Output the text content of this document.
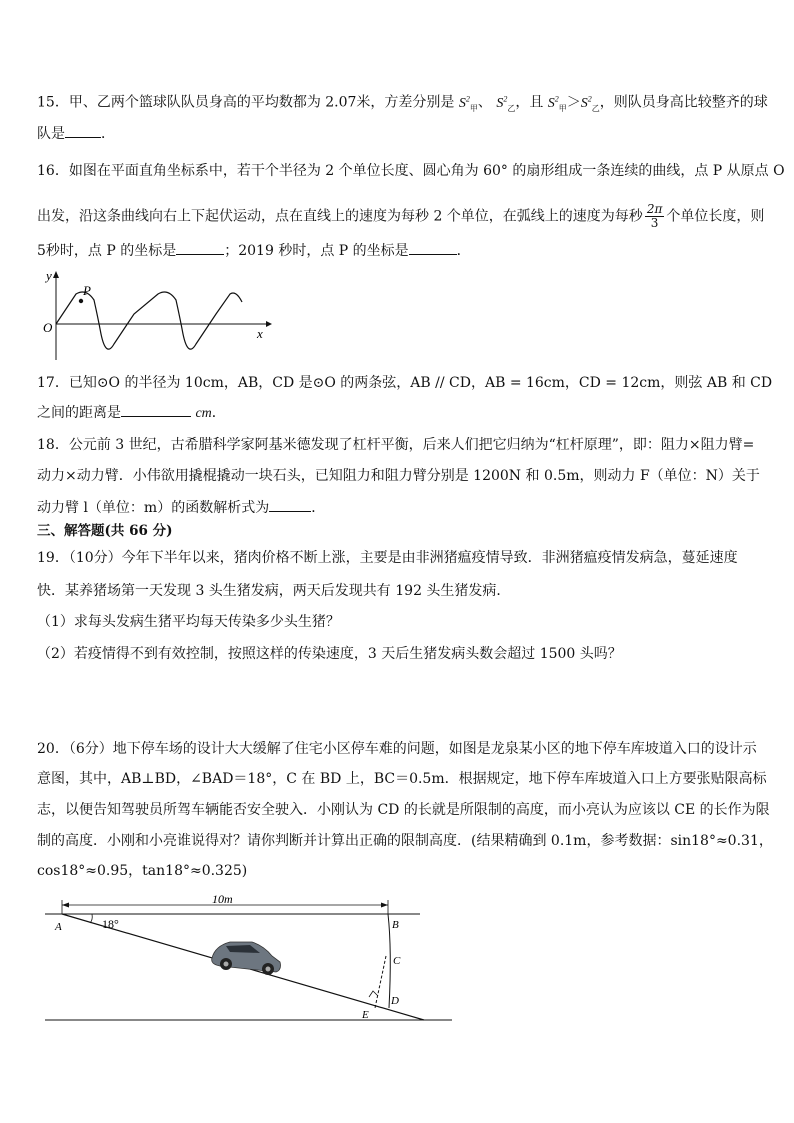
15．甲、乙两个篮球队队员身高的平均数都为 2.07米，方差分别是 $S^2_甲$、 $S^2_乙$，且 $S^2_甲>S^2_乙$，则队员身高比较整齐的球
队是	．
16．如图在平面直角坐标系中，若干个半径为 2 个单位长度、圆心角为 60° 的扇形组成一条连续的曲线，点 P 从原点 O
出发，沿这条曲线向右上下起伏运动，点在直线上的速度为每秒 2 个单位，在弧线上的速度为每秒 $\frac{2\pi}{3}$ 个单位长度，则
5秒时，点 P 的坐标是	；2019 秒时，点 P 的坐标是	．
y
x
O
P
17．已知⊙O 的半径为 10cm，AB，CD 是⊙O 的两条弦，AB // CD，AB = 16cm，CD = 12cm，则弦 AB 和 CD
之间的距离是	cm．
18．公元前 3 世纪，古希腊科学家阿基米德发现了杠杆平衡，后来人们把它归纳为“杠杆原理”，即：阻力×阻力臂=
动力×动力臂．小伟欲用撬棍撬动一块石头，已知阻力和阻力臂分别是 1200N 和 0.5m，则动力 F（单位：N）关于
动力臂 l（单位：m）的函数解析式为	．
三、解答题(共 66 分)
19．（10分）今年下半年以来，猪肉价格不断上涨，主要是由非洲猪瘟疫情导致．非洲猪瘟疫情发病急，蔓延速度
快．某养猪场第一天发现 3 头生猪发病，两天后发现共有 192 头生猪发病．
（1）求每头发病生猪平均每天传染多少头生猪？
（2）若疫情得不到有效控制，按照这样的传染速度，3 天后生猪发病头数会超过 1500 头吗？
20．（6分）地下停车场的设计大大缓解了住宅小区停车难的问题，如图是龙泉某小区的地下停车库坡道入口的设计示
意图，其中，AB⊥BD，∠BAD＝18°，C 在 BD 上，BC＝0.5m．根据规定，地下停车库坡道入口上方要张贴限高标
志，以便告知驾驶员所驾车辆能否安全驶入．小刚认为 CD 的长就是所限制的高度，而小亮认为应该以 CE 的长作为限
制的高度．小刚和小亮谁说得对？请你判断并计算出正确的限制高度．(结果精确到 0.1m，参考数据：sin18°≈0.31，
cos18°≈0.95，tan18°≈0.325)
10m
18°
A	B
C
D
E
